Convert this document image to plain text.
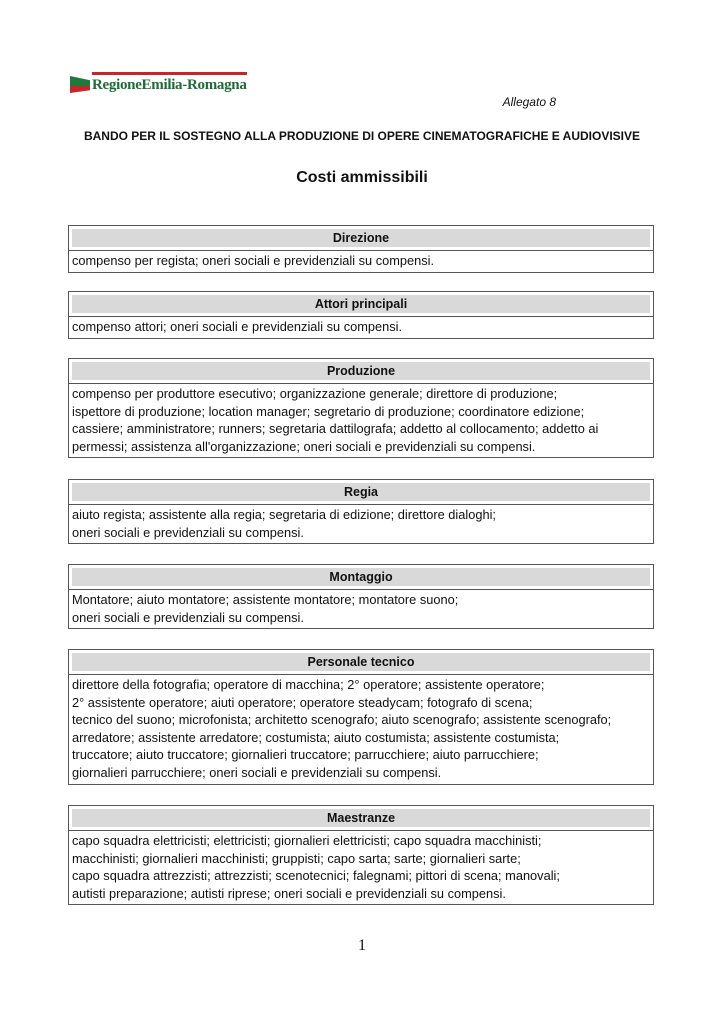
RegioneEmilia-Romagna
Allegato 8
BANDO PER IL SOSTEGNO ALLA PRODUZIONE DI OPERE CINEMATOGRAFICHE E AUDIOVISIVE
Costi ammissibili
Direzione
compenso per regista; oneri sociali e previdenziali su compensi.
Attori principali
compenso attori; oneri sociali e previdenziali su compensi.
Produzione
compenso per produttore esecutivo; organizzazione generale; direttore di produzione;
ispettore di produzione; location manager; segretario di produzione; coordinatore edizione;
cassiere; amministratore; runners; segretaria dattilografa; addetto al collocamento; addetto ai
permessi; assistenza all'organizzazione; oneri sociali e previdenziali su compensi.
Regia
aiuto regista; assistente alla regia; segretaria di edizione; direttore dialoghi;
oneri sociali e previdenziali su compensi.
Montaggio
Montatore; aiuto montatore; assistente montatore; montatore suono;
oneri sociali e previdenziali su compensi.
Personale tecnico
direttore della fotografia; operatore di macchina; 2° operatore; assistente operatore;
2° assistente operatore; aiuti operatore; operatore steadycam; fotografo di scena;
tecnico del suono; microfonista; architetto scenografo; aiuto scenografo; assistente scenografo;
arredatore; assistente arredatore; costumista; aiuto costumista; assistente costumista;
truccatore; aiuto truccatore; giornalieri truccatore; parrucchiere; aiuto parrucchiere;
giornalieri parrucchiere; oneri sociali e previdenziali su compensi.
Maestranze
capo squadra elettricisti; elettricisti; giornalieri elettricisti; capo squadra macchinisti;
macchinisti; giornalieri macchinisti; gruppisti; capo sarta; sarte; giornalieri sarte;
capo squadra attrezzisti; attrezzisti; scenotecnici; falegnami; pittori di scena; manovali;
autisti preparazione; autisti riprese; oneri sociali e previdenziali su compensi.
1
